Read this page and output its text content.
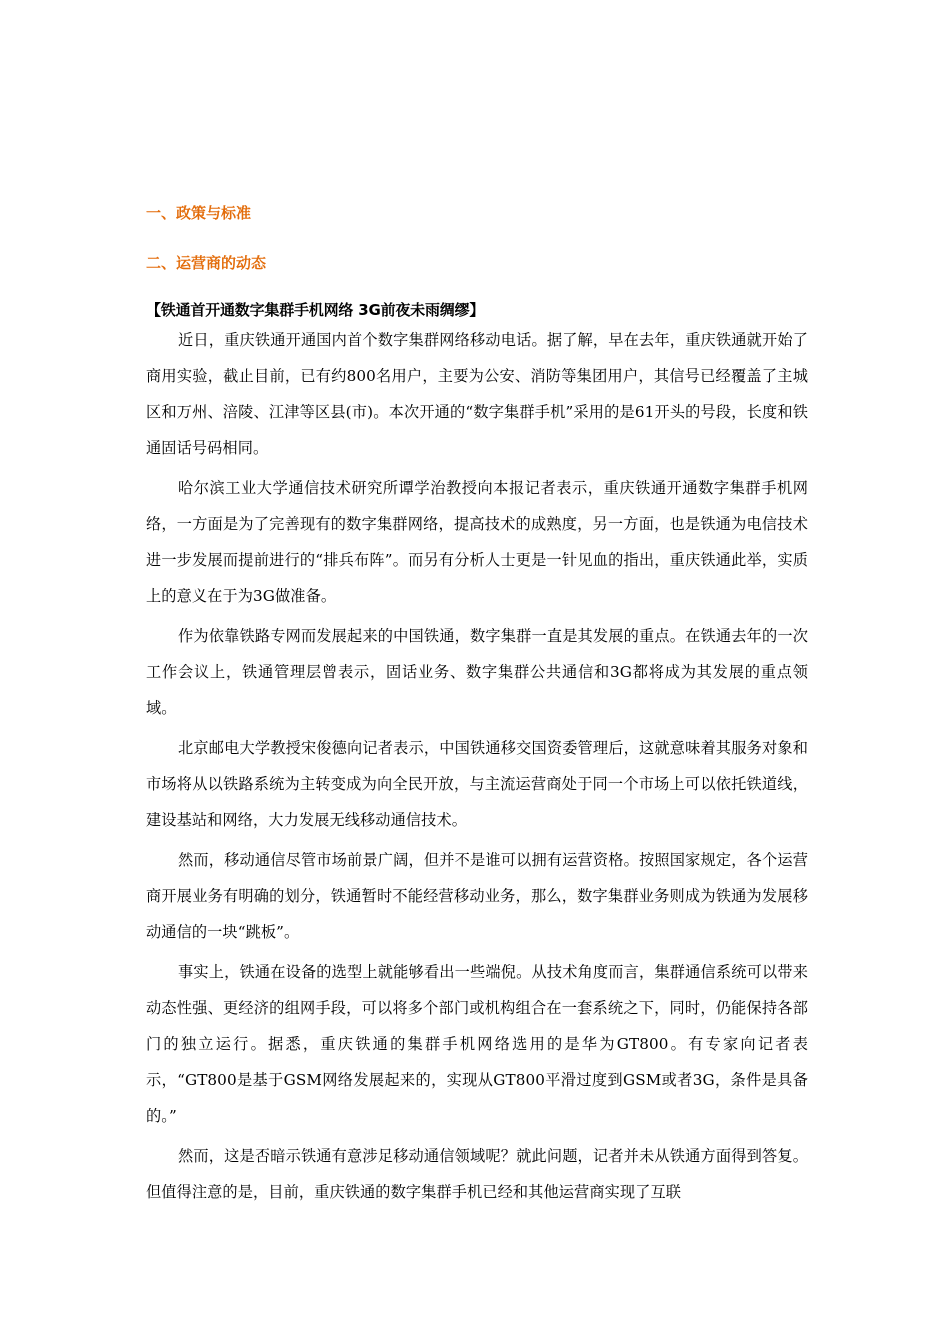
一、政策与标准
二、运营商的动态
【铁通首开通数字集群手机网络 3G前夜未雨绸缪】

近日，重庆铁通开通国内首个数字集群网络移动电话。据了解，早在去年，重庆铁通就开始了商用实验，截止目前，已有约800名用户，主要为公安、消防等集团用户，其信号已经覆盖了主城区和万州、涪陵、江津等区县(市)。本次开通的“数字集群手机”采用的是61开头的号段，长度和铁通固话号码相同。

哈尔滨工业大学通信技术研究所谭学治教授向本报记者表示，重庆铁通开通数字集群手机网络，一方面是为了完善现有的数字集群网络，提高技术的成熟度，另一方面，也是铁通为电信技术进一步发展而提前进行的“排兵布阵”。而另有分析人士更是一针见血的指出，重庆铁通此举，实质上的意义在于为3G做准备。

作为依靠铁路专网而发展起来的中国铁通，数字集群一直是其发展的重点。在铁通去年的一次工作会议上，铁通管理层曾表示，固话业务、数字集群公共通信和3G都将成为其发展的重点领域。

北京邮电大学教授宋俊德向记者表示，中国铁通移交国资委管理后，这就意味着其服务对象和市场将从以铁路系统为主转变成为向全民开放，与主流运营商处于同一个市场上可以依托铁道线，建设基站和网络，大力发展无线移动通信技术。

然而，移动通信尽管市场前景广阔，但并不是谁可以拥有运营资格。按照国家规定，各个运营商开展业务有明确的划分，铁通暂时不能经营移动业务，那么，数字集群业务则成为铁通为发展移动通信的一块“跳板”。

事实上，铁通在设备的选型上就能够看出一些端倪。从技术角度而言，集群通信系统可以带来动态性强、更经济的组网手段，可以将多个部门或机构组合在一套系统之下，同时，仍能保持各部门的独立运行。据悉，重庆铁通的集群手机网络选用的是华为GT800。有专家向记者表示，“GT800是基于GSM网络发展起来的，实现从GT800平滑过度到GSM或者3G，条件是具备的。”

然而，这是否暗示铁通有意涉足移动通信领域呢？就此问题，记者并未从铁通方面得到答复。但值得注意的是，目前，重庆铁通的数字集群手机已经和其他运营商实现了互联
